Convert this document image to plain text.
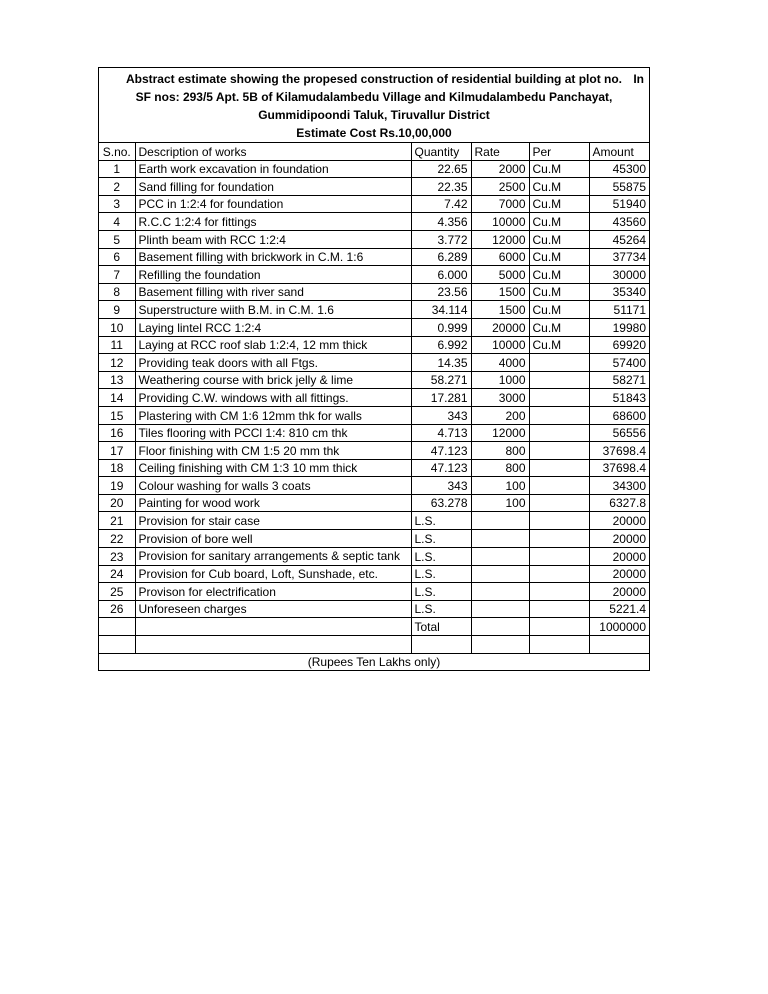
Abstract estimate showing the propesed construction of residential building at plot no. In
SF nos: 293/5 Apt. 5B of Kilamudalambedu Village and Kilmudalambedu Panchayat,
Gummidipoondi Taluk, Tiruvallur District
Estimate Cost Rs.10,00,000
S.no.	Description of works	Quantity	Rate	Per	Amount
1	Earth work excavation in foundation	22.65	2000	Cu.M	45300
2	Sand filling for foundation	22.35	2500	Cu.M	55875
3	PCC in 1:2:4 for foundation	7.42	7000	Cu.M	51940
4	R.C.C 1:2:4 for fittings	4.356	10000	Cu.M	43560
5	Plinth beam with RCC 1:2:4	3.772	12000	Cu.M	45264
6	Basement filling with brickwork in C.M. 1:6	6.289	6000	Cu.M	37734
7	Refilling the foundation	6.000	5000	Cu.M	30000
8	Basement filling with river sand	23.56	1500	Cu.M	35340
9	Superstructure wiith B.M. in C.M. 1.6	34.114	1500	Cu.M	51171
10	Laying lintel RCC 1:2:4	0.999	20000	Cu.M	19980
11	Laying at RCC roof slab 1:2:4, 12 mm thick	6.992	10000	Cu.M	69920
12	Providing teak doors with all Ftgs.	14.35	4000		57400
13	Weathering course with brick jelly & lime	58.271	1000		58271
14	Providing C.W. windows with all fittings.	17.281	3000		51843
15	Plastering with CM 1:6 12mm thk for walls	343	200		68600
16	Tiles flooring with PCCl 1:4: 810 cm thk	4.713	12000		56556
17	Floor finishing with CM 1:5 20 mm thk	47.123	800		37698.4
18	Ceiling finishing with CM 1:3 10 mm thick	47.123	800		37698.4
19	Colour washing for walls 3 coats	343	100		34300
20	Painting for wood work	63.278	100		6327.8
21	Provision for stair case	L.S.			20000
22	Provision of bore well	L.S.			20000
23	Provision for sanitary arrangements & septic tank	L.S.			20000
24	Provision for Cub board, Loft, Sunshade, etc.	L.S.			20000
25	Provison for electrification	L.S.			20000
26	Unforeseen charges	L.S.			5221.4
		Total			1000000

(Rupees Ten Lakhs only)					
